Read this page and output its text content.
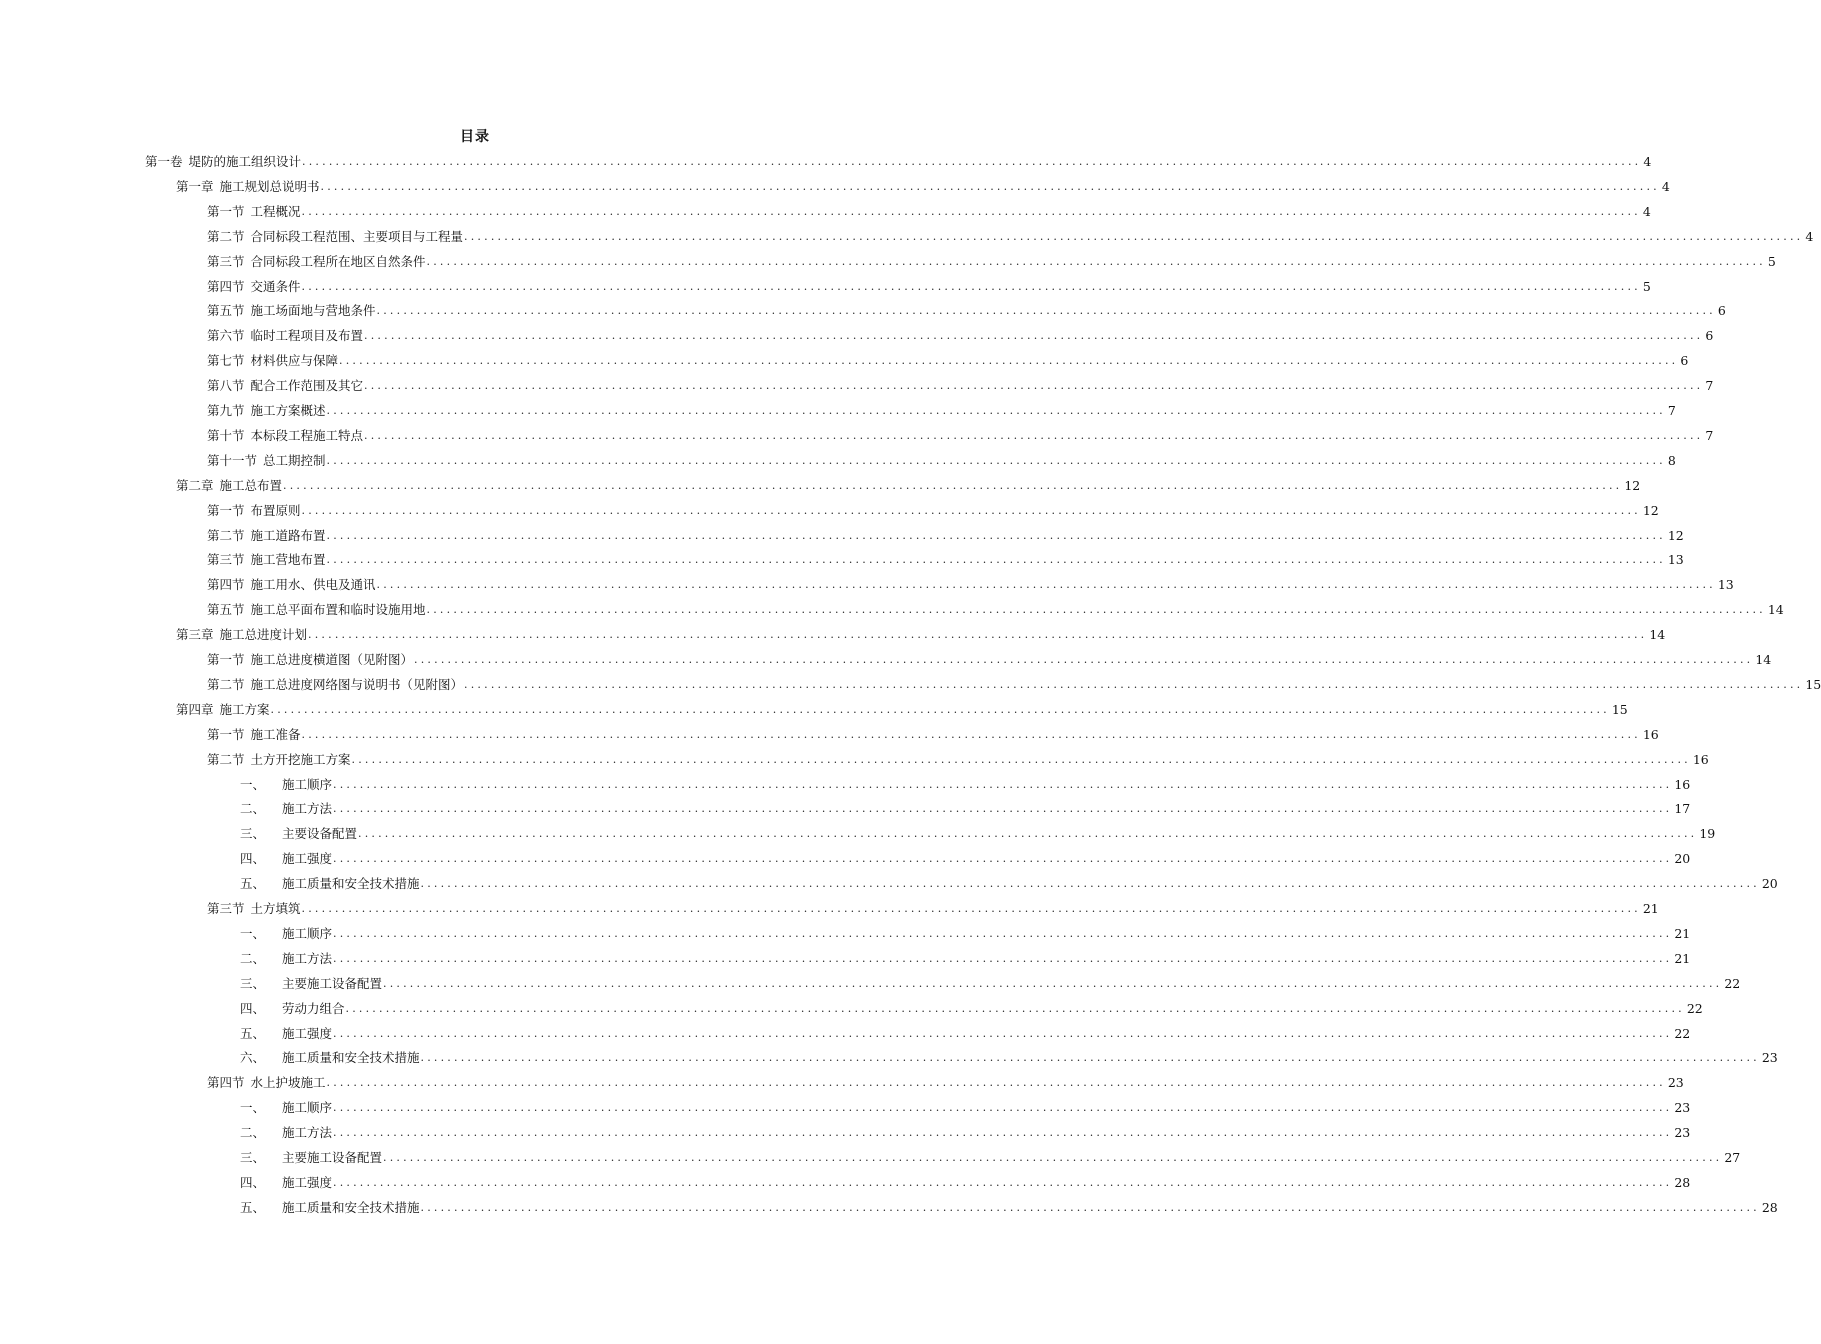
目录
第一卷 堤防的施工组织设计 ........................................................................................................................................................................................................ 4
第一章 施工规划总说明书 ........................................................................................................................................................................................................ 4
第一节 工程概况 ........................................................................................................................................................................................................ 4
第二节 合同标段工程范围、主要项目与工程量 ........................................................................................................................................................................................................ 4
第三节 合同标段工程所在地区自然条件 ........................................................................................................................................................................................................ 5
第四节 交通条件 ........................................................................................................................................................................................................ 5
第五节 施工场面地与营地条件 ........................................................................................................................................................................................................ 6
第六节 临时工程项目及布置 ........................................................................................................................................................................................................ 6
第七节 材料供应与保障 ........................................................................................................................................................................................................ 6
第八节 配合工作范围及其它 ........................................................................................................................................................................................................ 7
第九节 施工方案概述 ........................................................................................................................................................................................................ 7
第十节 本标段工程施工特点 ........................................................................................................................................................................................................ 7
第十一节 总工期控制 ........................................................................................................................................................................................................ 8
第二章 施工总布置 ........................................................................................................................................................................................................ 12
第一节 布置原则 ........................................................................................................................................................................................................ 12
第二节 施工道路布置 ........................................................................................................................................................................................................ 12
第三节 施工营地布置 ........................................................................................................................................................................................................ 13
第四节 施工用水、供电及通讯 ........................................................................................................................................................................................................ 13
第五节 施工总平面布置和临时设施用地 ........................................................................................................................................................................................................ 14
第三章 施工总进度计划 ........................................................................................................................................................................................................ 14
第一节 施工总进度横道图（见附图） ........................................................................................................................................................................................................ 14
第二节 施工总进度网络图与说明书（见附图） ........................................................................................................................................................................................................ 15
第四章 施工方案 ........................................................................................................................................................................................................ 15
第一节 施工准备 ........................................................................................................................................................................................................ 16
第二节 土方开挖施工方案 ........................................................................................................................................................................................................ 16
一、	施工顺序 ........................................................................................................................................................................................................ 16
二、	施工方法 ........................................................................................................................................................................................................ 17
三、	主要设备配置 ........................................................................................................................................................................................................ 19
四、	施工强度 ........................................................................................................................................................................................................ 20
五、	施工质量和安全技术措施 ........................................................................................................................................................................................................ 20
第三节 土方填筑 ........................................................................................................................................................................................................ 21
一、	施工顺序 ........................................................................................................................................................................................................ 21
二、	施工方法 ........................................................................................................................................................................................................ 21
三、	主要施工设备配置 ........................................................................................................................................................................................................ 22
四、	劳动力组合 ........................................................................................................................................................................................................ 22
五、	施工强度 ........................................................................................................................................................................................................ 22
六、	施工质量和安全技术措施 ........................................................................................................................................................................................................ 23
第四节 水上护坡施工 ........................................................................................................................................................................................................ 23
一、	施工顺序 ........................................................................................................................................................................................................ 23
二、	施工方法 ........................................................................................................................................................................................................ 23
三、	主要施工设备配置 ........................................................................................................................................................................................................ 27
四、	施工强度 ........................................................................................................................................................................................................ 28
五、	施工质量和安全技术措施 ........................................................................................................................................................................................................ 28
